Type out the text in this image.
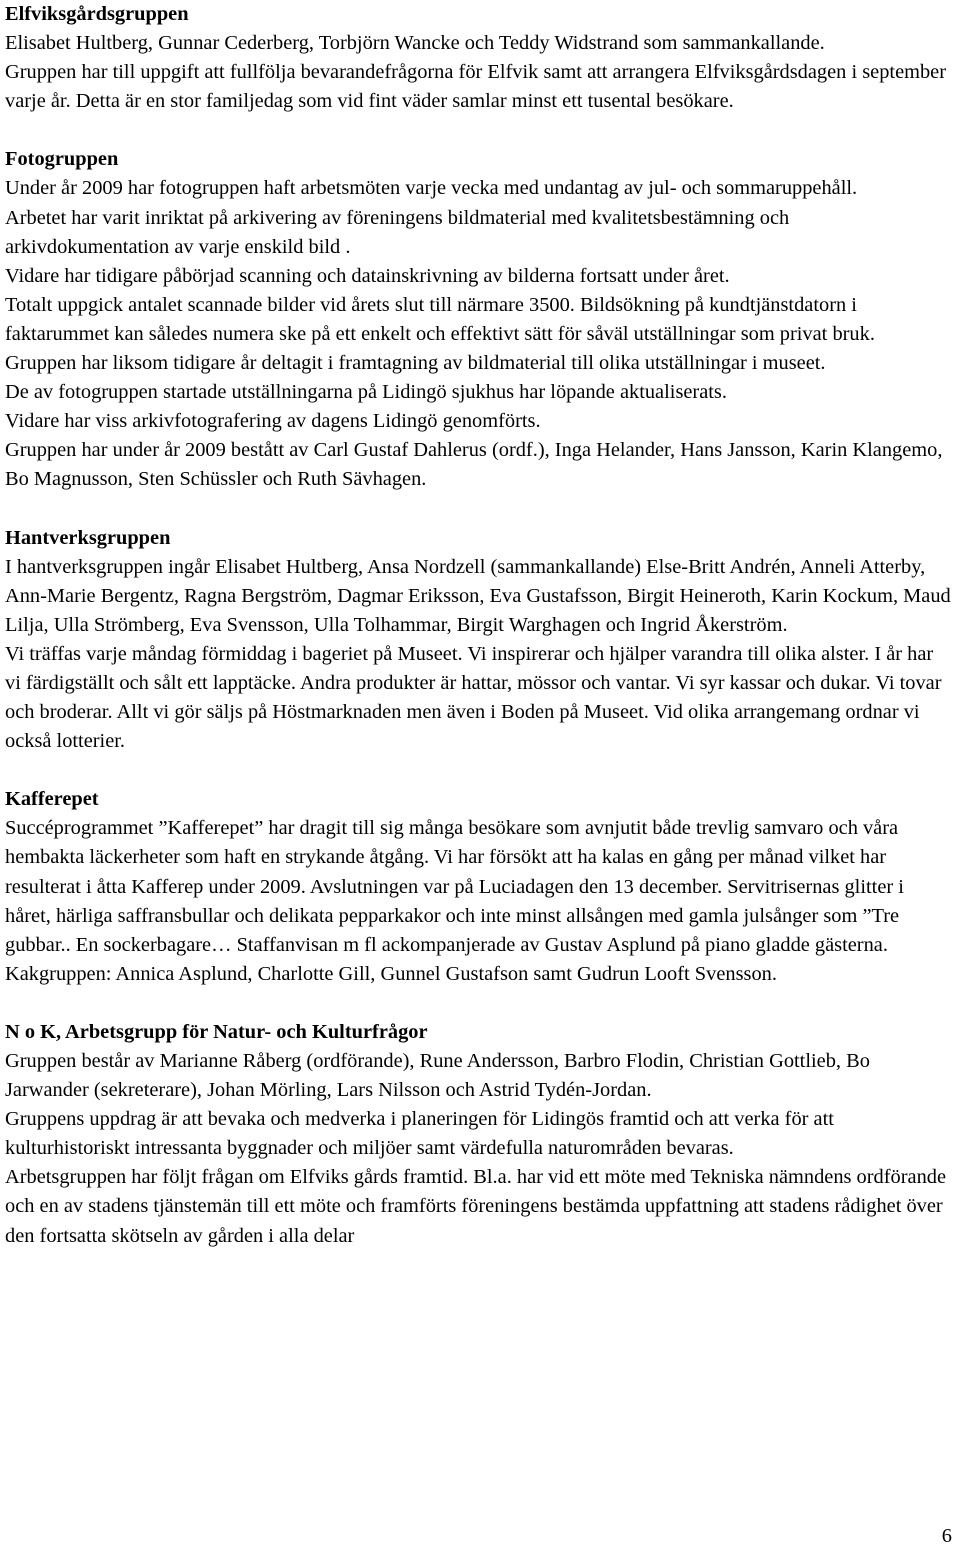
Elfviksgårdsgruppen

Elisabet Hultberg, Gunnar Cederberg, Torbjörn Wancke och Teddy Widstrand som sammankallande.

Gruppen har till uppgift att fullfölja bevarandefrågorna för Elfvik samt att arrangera Elfviksgårdsdagen i september varje år. Detta är en stor familjedag som vid fint väder samlar minst ett tusental besökare.

Fotogruppen

Under år 2009 har fotogruppen haft arbetsmöten varje vecka med undantag av jul- och sommaruppehåll.

Arbetet har varit inriktat på arkivering av föreningens bildmaterial med kvalitetsbestämning och arkivdokumentation av varje enskild bild .

Vidare har tidigare påbörjad scanning och datainskrivning av bilderna fortsatt under året.

Totalt uppgick antalet scannade bilder vid årets slut till närmare 3500. Bildsökning på kundtjänstdatorn i faktarummet kan således numera ske på ett enkelt och effektivt sätt för såväl utställningar som privat bruk.

Gruppen har liksom tidigare år deltagit i framtagning av bildmaterial till olika utställningar i museet.

De av fotogruppen startade utställningarna på Lidingö sjukhus har löpande aktualiserats.

Vidare har viss arkivfotografering av dagens Lidingö genomförts.

Gruppen har under år 2009 bestått av Carl Gustaf Dahlerus (ordf.), Inga Helander, Hans Jansson, Karin Klangemo, Bo Magnusson, Sten Schüssler och Ruth Sävhagen.

Hantverksgruppen

I hantverksgruppen ingår Elisabet Hultberg, Ansa Nordzell (sammankallande) Else-Britt Andrén, Anneli Atterby, Ann-Marie Bergentz, Ragna Bergström, Dagmar Eriksson, Eva Gustafsson, Birgit Heineroth, Karin Kockum, Maud Lilja, Ulla Strömberg, Eva Svensson, Ulla Tolhammar, Birgit Warghagen och Ingrid Åkerström.

Vi träffas varje måndag förmiddag i bageriet på Museet. Vi inspirerar och hjälper varandra till olika alster. I år har vi färdigställt och sålt ett lapptäcke. Andra produkter är hattar, mössor och vantar. Vi syr kassar och dukar. Vi tovar och broderar. Allt vi gör säljs på Höstmarknaden men även i Boden på Museet. Vid olika arrangemang ordnar vi också lotterier.

Kafferepet

Succéprogrammet ”Kafferepet” har dragit till sig många besökare som avnjutit både trevlig samvaro och våra hembakta läckerheter som haft en strykande åtgång. Vi har försökt att ha kalas en gång per månad vilket har resulterat i åtta Kafferep under 2009. Avslutningen var på Luciadagen den 13 december. Servitrisernas glitter i håret, härliga saffransbullar och delikata pepparkakor och inte minst allsången med gamla julsånger som ”Tre gubbar.. En sockerbagare… Staffanvisan m fl ackompanjerade av Gustav Asplund på piano gladde gästerna. Kakgruppen: Annica Asplund, Charlotte Gill, Gunnel Gustafson samt Gudrun Looft Svensson.

N o K, Arbetsgrupp för Natur- och Kulturfrågor

Gruppen består av Marianne Råberg (ordförande), Rune Andersson, Barbro Flodin, Christian Gottlieb, Bo Jarwander (sekreterare), Johan Mörling, Lars Nilsson och Astrid Tydén-Jordan.

Gruppens uppdrag är att bevaka och medverka i planeringen för Lidingös framtid och att verka för att kulturhistoriskt intressanta byggnader och miljöer samt värdefulla naturområden bevaras.

Arbetsgruppen har följt frågan om Elfviks gårds framtid. Bl.a. har vid ett möte med Tekniska nämndens ordförande och en av stadens tjänstemän till ett möte och framförts föreningens bestämda uppfattning att stadens rådighet över den fortsatta skötseln av gården i alla delar

6
